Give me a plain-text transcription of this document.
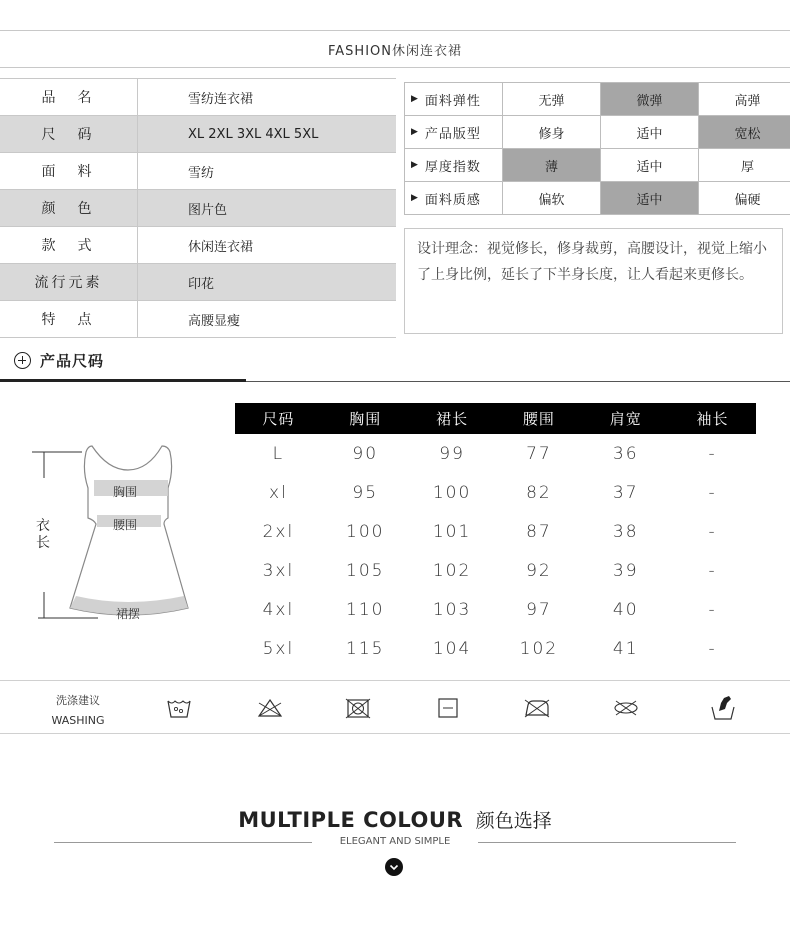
FASHION休闲连衣裙
品　名	雪纺连衣裙
尺　码	XL 2XL 3XL 4XL 5XL
面　料	雪纺
颜　色	图片色
款　式	休闲连衣裙
流行元素	印花
特　点	高腰显瘦
▶ 面料弹性	无弹	微弹	高弹
▶ 产品版型	修身	适中	宽松
▶ 厚度指数	薄	适中	厚
▶ 面料质感	偏软	适中	偏硬
设计理念：视觉修长，修身裁剪，高腰设计，视觉上缩小了上身比例，延长了下半身长度，让人看起来更修长。
产品尺码
胸围
腰围
裙摆
衣长
尺码	胸围	裙长	腰围	肩宽	袖长
L	90	99	77	36	-
xl	95	100	82	37	-
2xl	100	101	87	38	-
3xl	105	102	92	39	-
4xl	110	103	97	40	-
5xl	115	104	102	41	-
洗涤建议
WASHING
MULTIPLE COLOUR 颜色选择
ELEGANT AND SIMPLE
